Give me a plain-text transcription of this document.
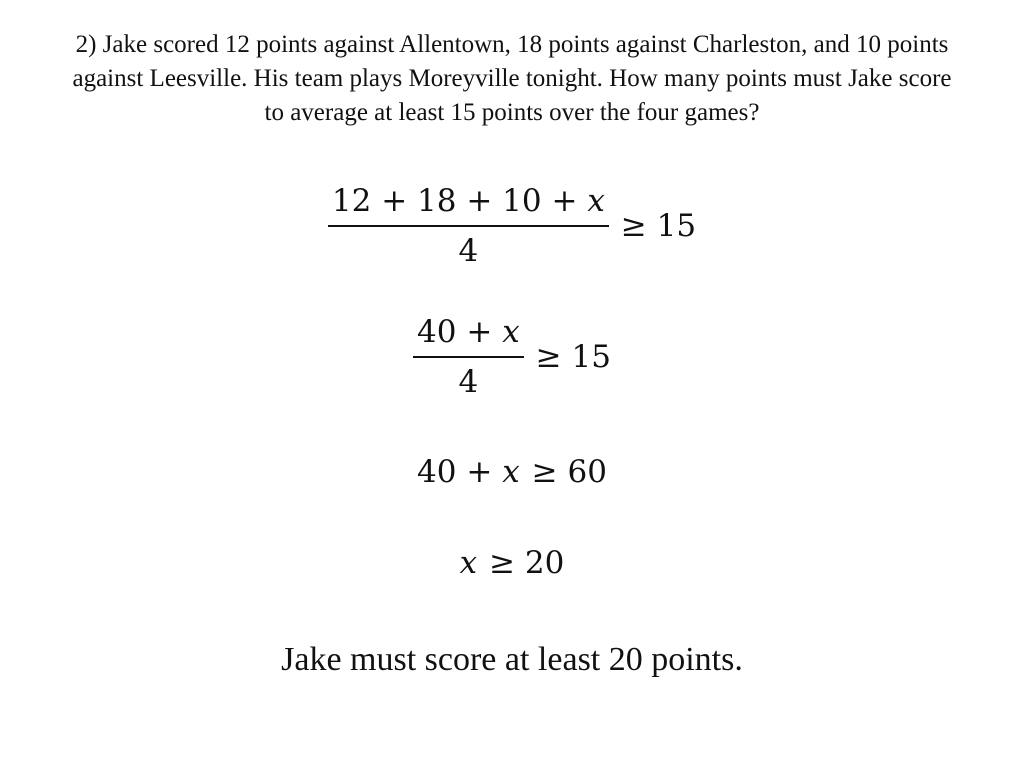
2) Jake scored 12 points against Allentown, 18 points against Charleston, and 10 points against Leesville. His team plays Moreyville tonight. How many points must Jake score to average at least 15 points over the four games?
$\frac{12 + 18 + 10 + x}{4} \ge 15$
$\frac{40 + x}{4} \ge 15$
40 + x ≥ 60
x ≥ 20
Jake must score at least 20 points.
